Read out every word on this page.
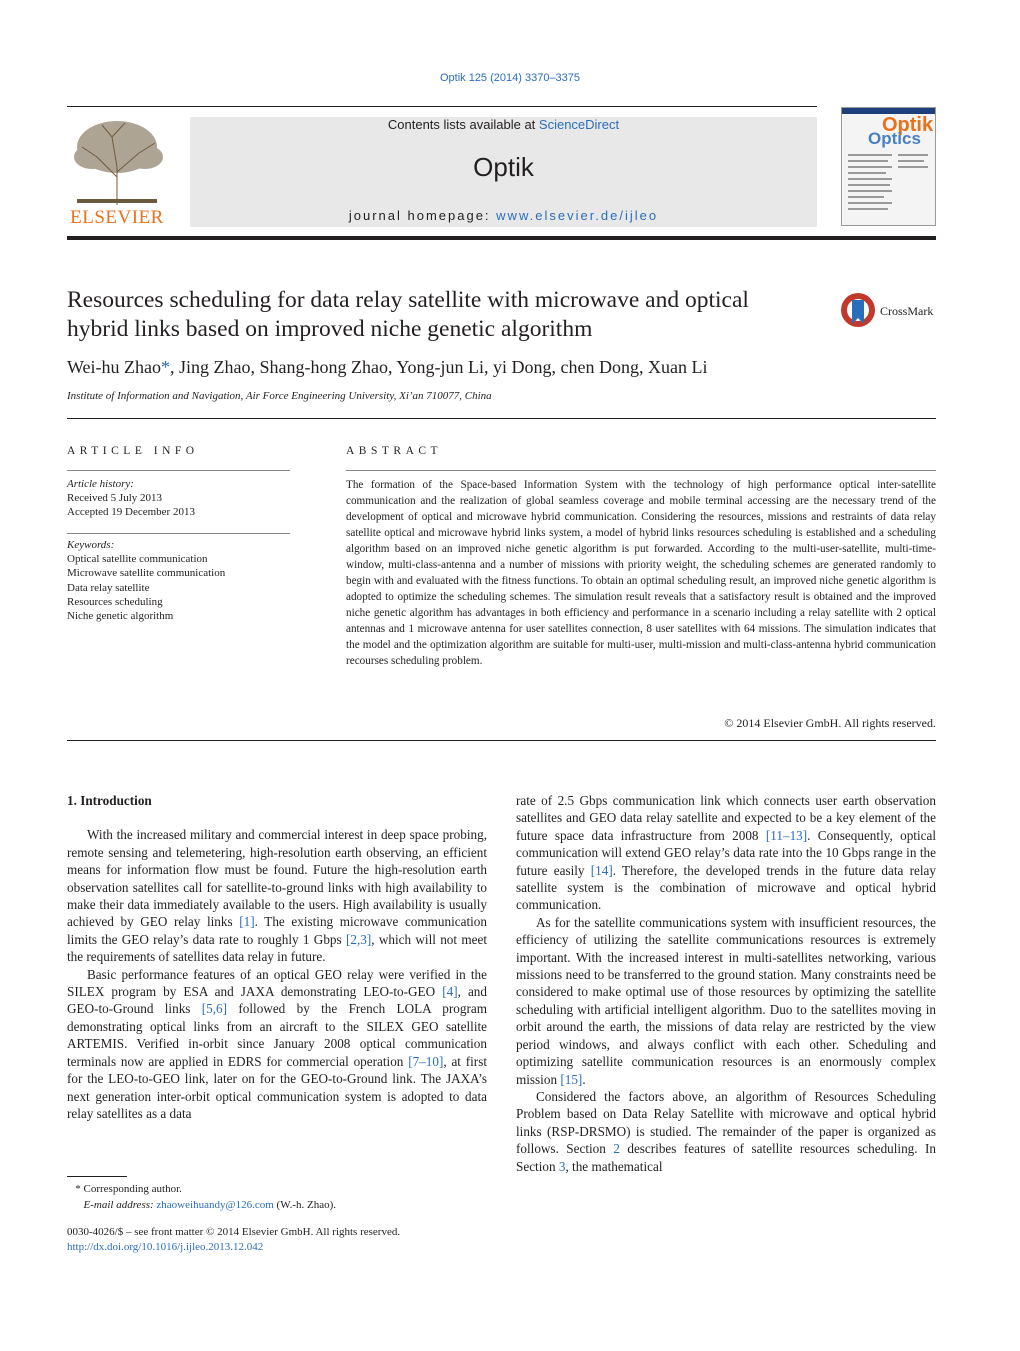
Optik 125 (2014) 3370–3375
ELSEVIER
Contents lists available at ScienceDirect
Optik
journal homepage: www.elsevier.de/ijleo
Optik
Optics
Resources scheduling for data relay satellite with microwave and optical hybrid links based on improved niche genetic algorithm
CrossMark
Wei-hu Zhao*, Jing Zhao, Shang-hong Zhao, Yong-jun Li, yi Dong, chen Dong, Xuan Li
Institute of Information and Navigation, Air Force Engineering University, Xi’an 710077, China
ARTICLE INFO
Article history:
Received 5 July 2013
Accepted 19 December 2013
Keywords:
Optical satellite communication
Microwave satellite communication
Data relay satellite
Resources scheduling
Niche genetic algorithm
ABSTRACT
The formation of the Space-based Information System with the technology of high performance optical inter-satellite communication and the realization of global seamless coverage and mobile terminal accessing are the necessary trend of the development of optical and microwave hybrid communication. Considering the resources, missions and restraints of data relay satellite optical and microwave hybrid links system, a model of hybrid links resources scheduling is established and a scheduling algorithm based on an improved niche genetic algorithm is put forwarded. According to the multi-user-satellite, multi-time-window, multi-class-antenna and a number of missions with priority weight, the scheduling schemes are generated randomly to begin with and evaluated with the fitness functions. To obtain an optimal scheduling result, an improved niche genetic algorithm is adopted to optimize the scheduling schemes. The simulation result reveals that a satisfactory result is obtained and the improved niche genetic algorithm has advantages in both efficiency and performance in a scenario including a relay satellite with 2 optical antennas and 1 microwave antenna for user satellites connection, 8 user satellites with 64 missions. The simulation indicates that the model and the optimization algorithm are suitable for multi-user, multi-mission and multi-class-antenna hybrid communication recourses scheduling problem.
© 2014 Elsevier GmbH. All rights reserved.

1. Introduction

With the increased military and commercial interest in deep space probing, remote sensing and telemetering, high-resolution earth observing, an efficient means for information flow must be found. Future the high-resolution earth observation satellites call for satellite-to-ground links with high availability to make their data immediately available to the users. High availability is usually achieved by GEO relay links [1]. The existing microwave communication limits the GEO relay’s data rate to roughly 1 Gbps [2,3], which will not meet the requirements of satellites data relay in future.

Basic performance features of an optical GEO relay were verified in the SILEX program by ESA and JAXA demonstrating LEO-to-GEO [4], and GEO-to-Ground links [5,6] followed by the French LOLA program demonstrating optical links from an aircraft to the SILEX GEO satellite ARTEMIS. Verified in-orbit since January 2008 optical communication terminals now are applied in EDRS for commercial operation [7–10], at first for the LEO-to-GEO link, later on for the GEO-to-Ground link. The JAXA’s next generation inter-orbit optical communication system is adopted to data relay satellites as a data

rate of 2.5 Gbps communication link which connects user earth observation satellites and GEO data relay satellite and expected to be a key element of the future space data infrastructure from 2008 [11–13]. Consequently, optical communication will extend GEO relay’s data rate into the 10 Gbps range in the future easily [14]. Therefore, the developed trends in the future data relay satellite system is the combination of microwave and optical hybrid communication.

As for the satellite communications system with insufficient resources, the efficiency of utilizing the satellite communications resources is extremely important. With the increased interest in multi-satellites networking, various missions need to be transferred to the ground station. Many constraints need be considered to make optimal use of those resources by optimizing the satellite scheduling with artificial intelligent algorithm. Duo to the satellites moving in orbit around the earth, the missions of data relay are restricted by the view period windows, and always conflict with each other. Scheduling and optimizing satellite communication resources is an enormously complex mission [15].

Considered the factors above, an algorithm of Resources Scheduling Problem based on Data Relay Satellite with microwave and optical hybrid links (RSP-DRSMO) is studied. The remainder of the paper is organized as follows. Section 2 describes features of satellite resources scheduling. In Section 3, the mathematical

* Corresponding author.
E-mail address: zhaoweihuandy@126.com (W.-h. Zhao).
0030-4026/$ – see front matter © 2014 Elsevier GmbH. All rights reserved.
http://dx.doi.org/10.1016/j.ijleo.2013.12.042
